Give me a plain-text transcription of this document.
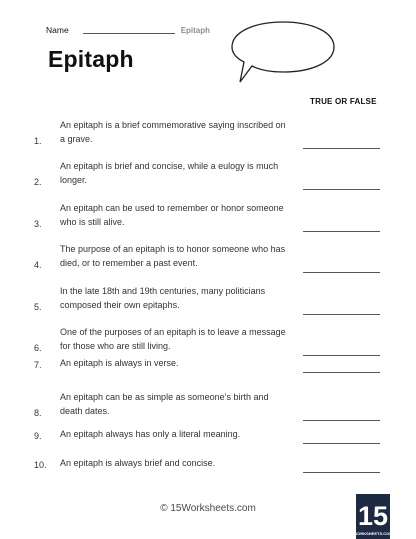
Name	Epitaph
Epitaph
TRUE OR FALSE
1.
An epitaph is a brief commemorative saying inscribed on a grave.
2.
An epitaph is brief and concise, while a eulogy is much longer.
3.
An epitaph can be used to remember or honor someone who is still alive.
4.
The purpose of an epitaph is to honor someone who has died, or to remember a past event.
5.
In the late 18th and 19th centuries, many politicians composed their own epitaphs.
6.
One of the purposes of an epitaph is to leave a message for those who are still living.
7.	An epitaph is always in verse.
8.
An epitaph can be as simple as someone’s birth and death dates.
9.	An epitaph always has only a literal meaning.
10.	An epitaph is always brief and concise.
© 15Worksheets.com	15
WORKSHEETS.COM
